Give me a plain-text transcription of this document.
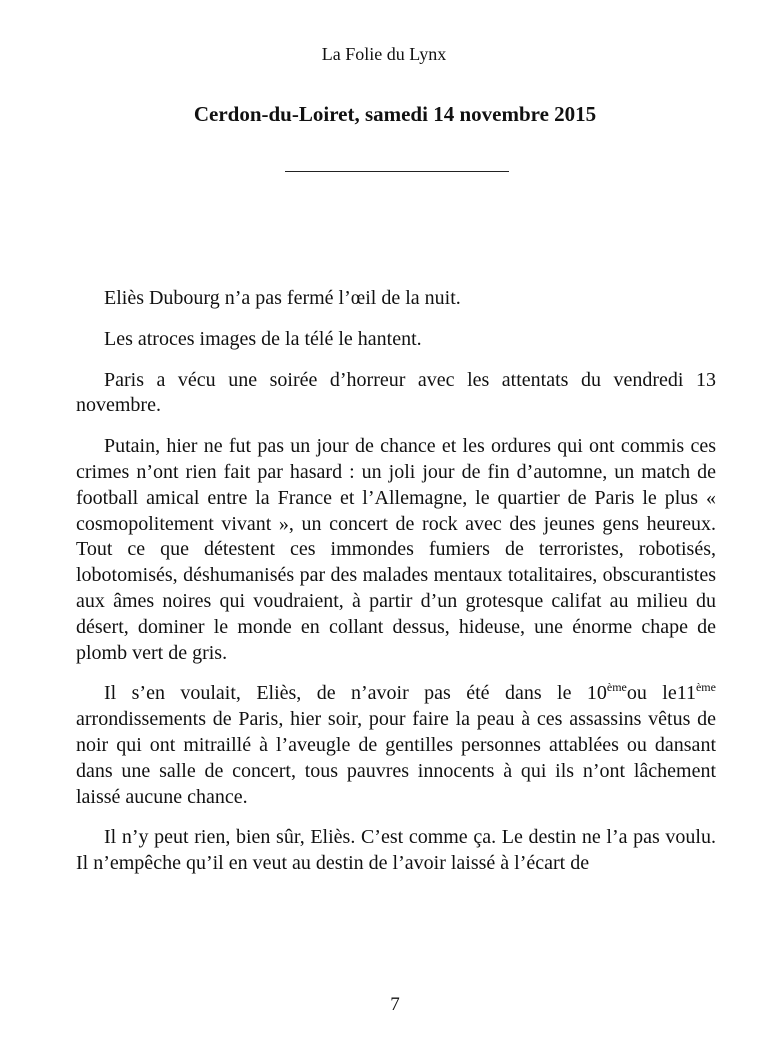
La Folie du Lynx
Cerdon-du-Loiret, samedi 14 novembre 2015

Eliès Dubourg n’a pas fermé l’œil de la nuit.

Les atroces images de la télé le hantent.

Paris a vécu une soirée d’horreur avec les attentats du vendredi 13 novembre.

Putain, hier ne fut pas un jour de chance et les ordures qui ont commis ces crimes n’ont rien fait par hasard : un joli jour de fin d’automne, un match de football amical entre la France et l’Allemagne, le quartier de Paris le plus « cosmopolitement vivant », un concert de rock avec des jeunes gens heureux. Tout ce que détestent ces immondes fumiers de terroristes, robotisés, lobotomisés, déshumanisés par des malades mentaux totalitaires, obscurantistes aux âmes noires qui voudraient, à partir d’un grotesque califat au milieu du désert, dominer le monde en collant dessus, hideuse, une énorme chape de plomb vert de gris.

Il s’en voulait, Eliès, de n’avoir pas été dans le 10èmeou le11ème arrondissements de Paris, hier soir, pour faire la peau à ces assassins vêtus de noir qui ont mitraillé à l’aveugle de gentilles personnes attablées ou dansant dans une salle de concert, tous pauvres innocents à qui ils n’ont lâchement laissé aucune chance.

Il n’y peut rien, bien sûr, Eliès. C’est comme ça. Le destin ne l’a pas voulu. Il n’empêche qu’il en veut au destin de l’avoir laissé à l’écart de

7
